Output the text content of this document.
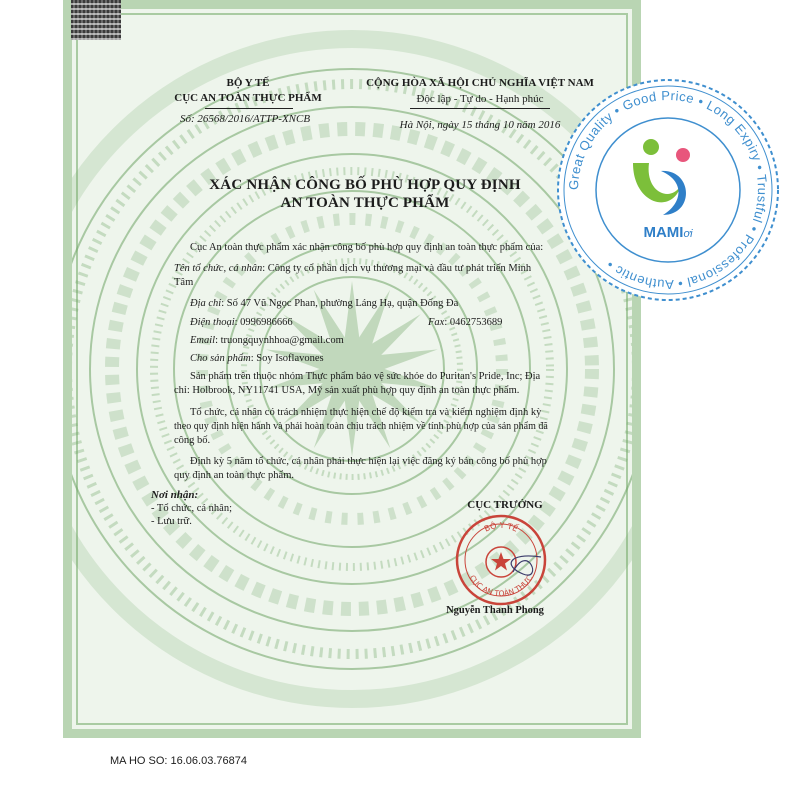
BỘ Y TẾ
CỤC AN TOÀN THỰC PHẨM
Số: 26568/2016/ATTP-XNCB
CỘNG HÒA XÃ HỘI CHỦ NGHĨA VIỆT NAM
Độc lập - Tự do - Hạnh phúc
Hà Nội, ngày 15 tháng 10 năm 2016
XÁC NHẬN CÔNG BỐ PHÙ HỢP QUY ĐỊNH
AN TOÀN THỰC PHẨM
Cục An toàn thực phẩm xác nhận công bố phù hợp quy định an toàn thực phẩm của:
Tên tổ chức, cá nhân: Công ty cổ phần dịch vụ thương mại và đầu tư phát triển Minh
Tâm
Địa chỉ: Số 47 Vũ Ngọc Phan, phường Láng Hạ, quận Đống Đa
Điện thoại: 0996986666	Fax: 0462753689
Email: truongquynhhoa@gmail.com
Cho sản phẩm: Soy Isoflavones
Sản phẩm trên thuộc nhóm Thực phẩm bảo vệ sức khỏe do Puritan's Pride, Inc; Địa
chỉ: Holbrook, NY11741 USA, Mỹ sản xuất phù hợp quy định an toàn thực phẩm.
Tổ chức, cá nhân có trách nhiệm thực hiện chế độ kiểm tra và kiểm nghiệm định kỳ
theo quy định hiện hành và phải hoàn toàn chịu trách nhiệm về tính phù hợp của sản phẩm đã
công bố.
Định kỳ 5 năm tổ chức, cá nhân phải thực hiện lại việc đăng ký bản công bố phù hợp
quy định an toàn thực phẩm.
Nơi nhận:
- Tổ chức, cá nhân;
- Lưu trữ.
CỤC TRƯỞNG
BỘ Y TẾ
CỤC AN TOÀN THỰC
Nguyễn Thanh Phong
MA HO SO: 16.06.03.76874
Great Quality • Good Price • Long Expiry • Trustful • Professional • Authentic •
MAMIơi
